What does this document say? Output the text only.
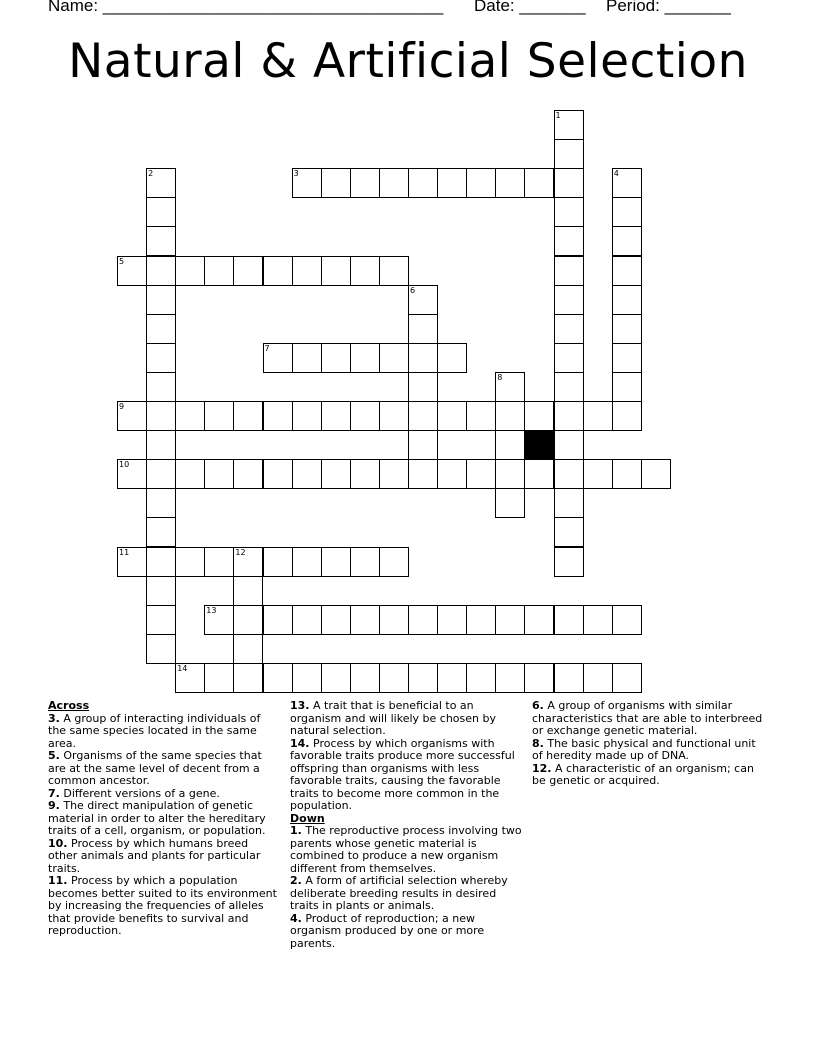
Name: ____________________________________ Date: _______ Period: _______
Natural & Artificial Selection
1
3	4
2
5
9
10
11	12
6
7
8
13
14
Across

3. A group of interacting individuals of the same species located in the same area.

5. Organisms of the same species that are at the same level of decent from a common ancestor.

7. Different versions of a gene.

9. The direct manipulation of genetic material in order to alter the hereditary traits of a cell, organism, or population.

10. Process by which humans breed other animals and plants for particular traits.

11. Process by which a population becomes better suited to its environment by increasing the frequencies of alleles that provide benefits to survival and reproduction.

13. A trait that is beneficial to an organism and will likely be chosen by natural selection.

14. Process by which organisms with favorable traits produce more successful offspring than organisms with less favorable traits, causing the favorable traits to become more common in the population.

Down

1. The reproductive process involving two parents whose genetic material is combined to produce a new organism different from themselves.

2. A form of artificial selection whereby deliberate breeding results in desired traits in plants or animals.

4. Product of reproduction; a new organism produced by one or more parents.

6. A group of organisms with similar characteristics that are able to interbreed or exchange genetic material.

8. The basic physical and functional unit of heredity made up of DNA.

12. A characteristic of an organism; can be genetic or acquired.
